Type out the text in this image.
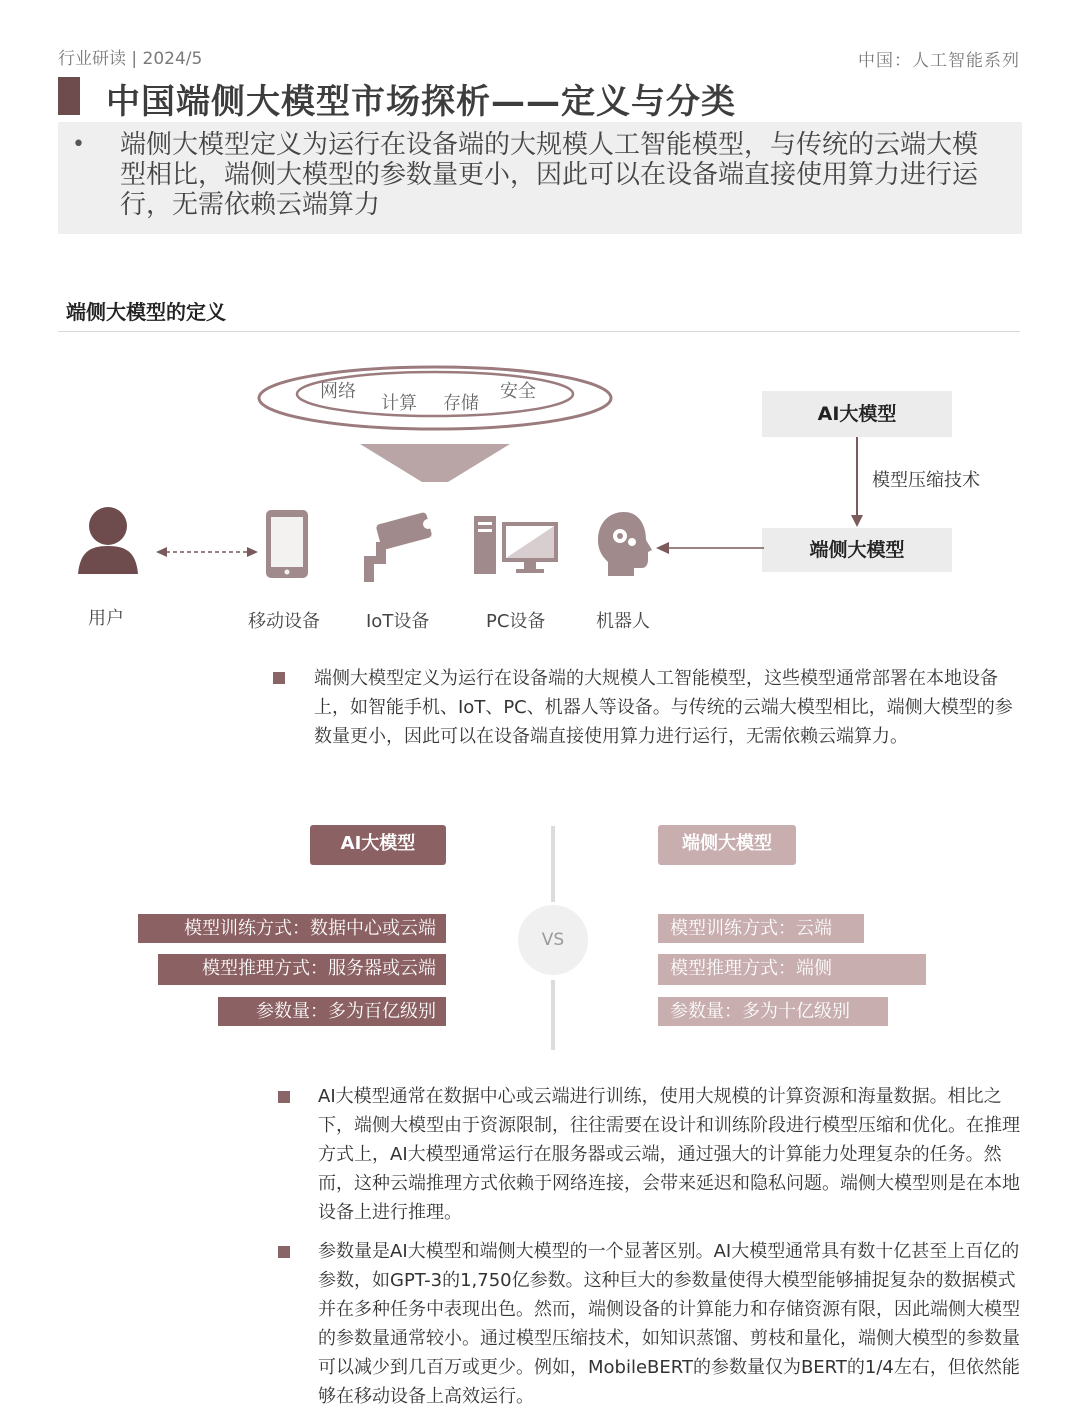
行业研读 | 2024/5	中国：人工智能系列
中国端侧大模型市场探析——定义与分类
• 端侧大模型定义为运行在设备端的大规模人工智能模型，与传统的云端大模型相比，端侧大模型的参数量更小，因此可以在设备端直接使用算力进行运行，无需依赖云端算力
端侧大模型的定义
网络
计算 存储
安全
AI大模型
模型压缩技术
端侧大模型
用户	移动设备	IoT设备	PC设备	机器人
端侧大模型定义为运行在设备端的大规模人工智能模型，这些模型通常部署在本地设备上，如智能手机、IoT、PC、机器人等设备。与传统的云端大模型相比，端侧大模型的参数量更小，因此可以在设备端直接使用算力进行运行，无需依赖云端算力。
AI大模型	端侧大模型
VS
模型训练方式：数据中心或云端
模型推理方式：服务器或云端
参数量：多为百亿级别
模型训练方式：云端
模型推理方式：端侧
参数量：多为十亿级别
AI大模型通常在数据中心或云端进行训练，使用大规模的计算资源和海量数据。相比之下，端侧大模型由于资源限制，往往需要在设计和训练阶段进行模型压缩和优化。在推理方式上，AI大模型通常运行在服务器或云端，通过强大的计算能力处理复杂的任务。然而，这种云端推理方式依赖于网络连接，会带来延迟和隐私问题。端侧大模型则是在本地设备上进行推理。
参数量是AI大模型和端侧大模型的一个显著区别。AI大模型通常具有数十亿甚至上百亿的参数，如GPT-3的1,750亿参数。这种巨大的参数量使得大模型能够捕捉复杂的数据模式并在多种任务中表现出色。然而，端侧设备的计算能力和存储资源有限，因此端侧大模型的参数量通常较小。通过模型压缩技术，如知识蒸馏、剪枝和量化，端侧大模型的参数量可以减少到几百万或更少。例如，MobileBERT的参数量仅为BERT的1/4左右，但依然能够在移动设备上高效运行。
